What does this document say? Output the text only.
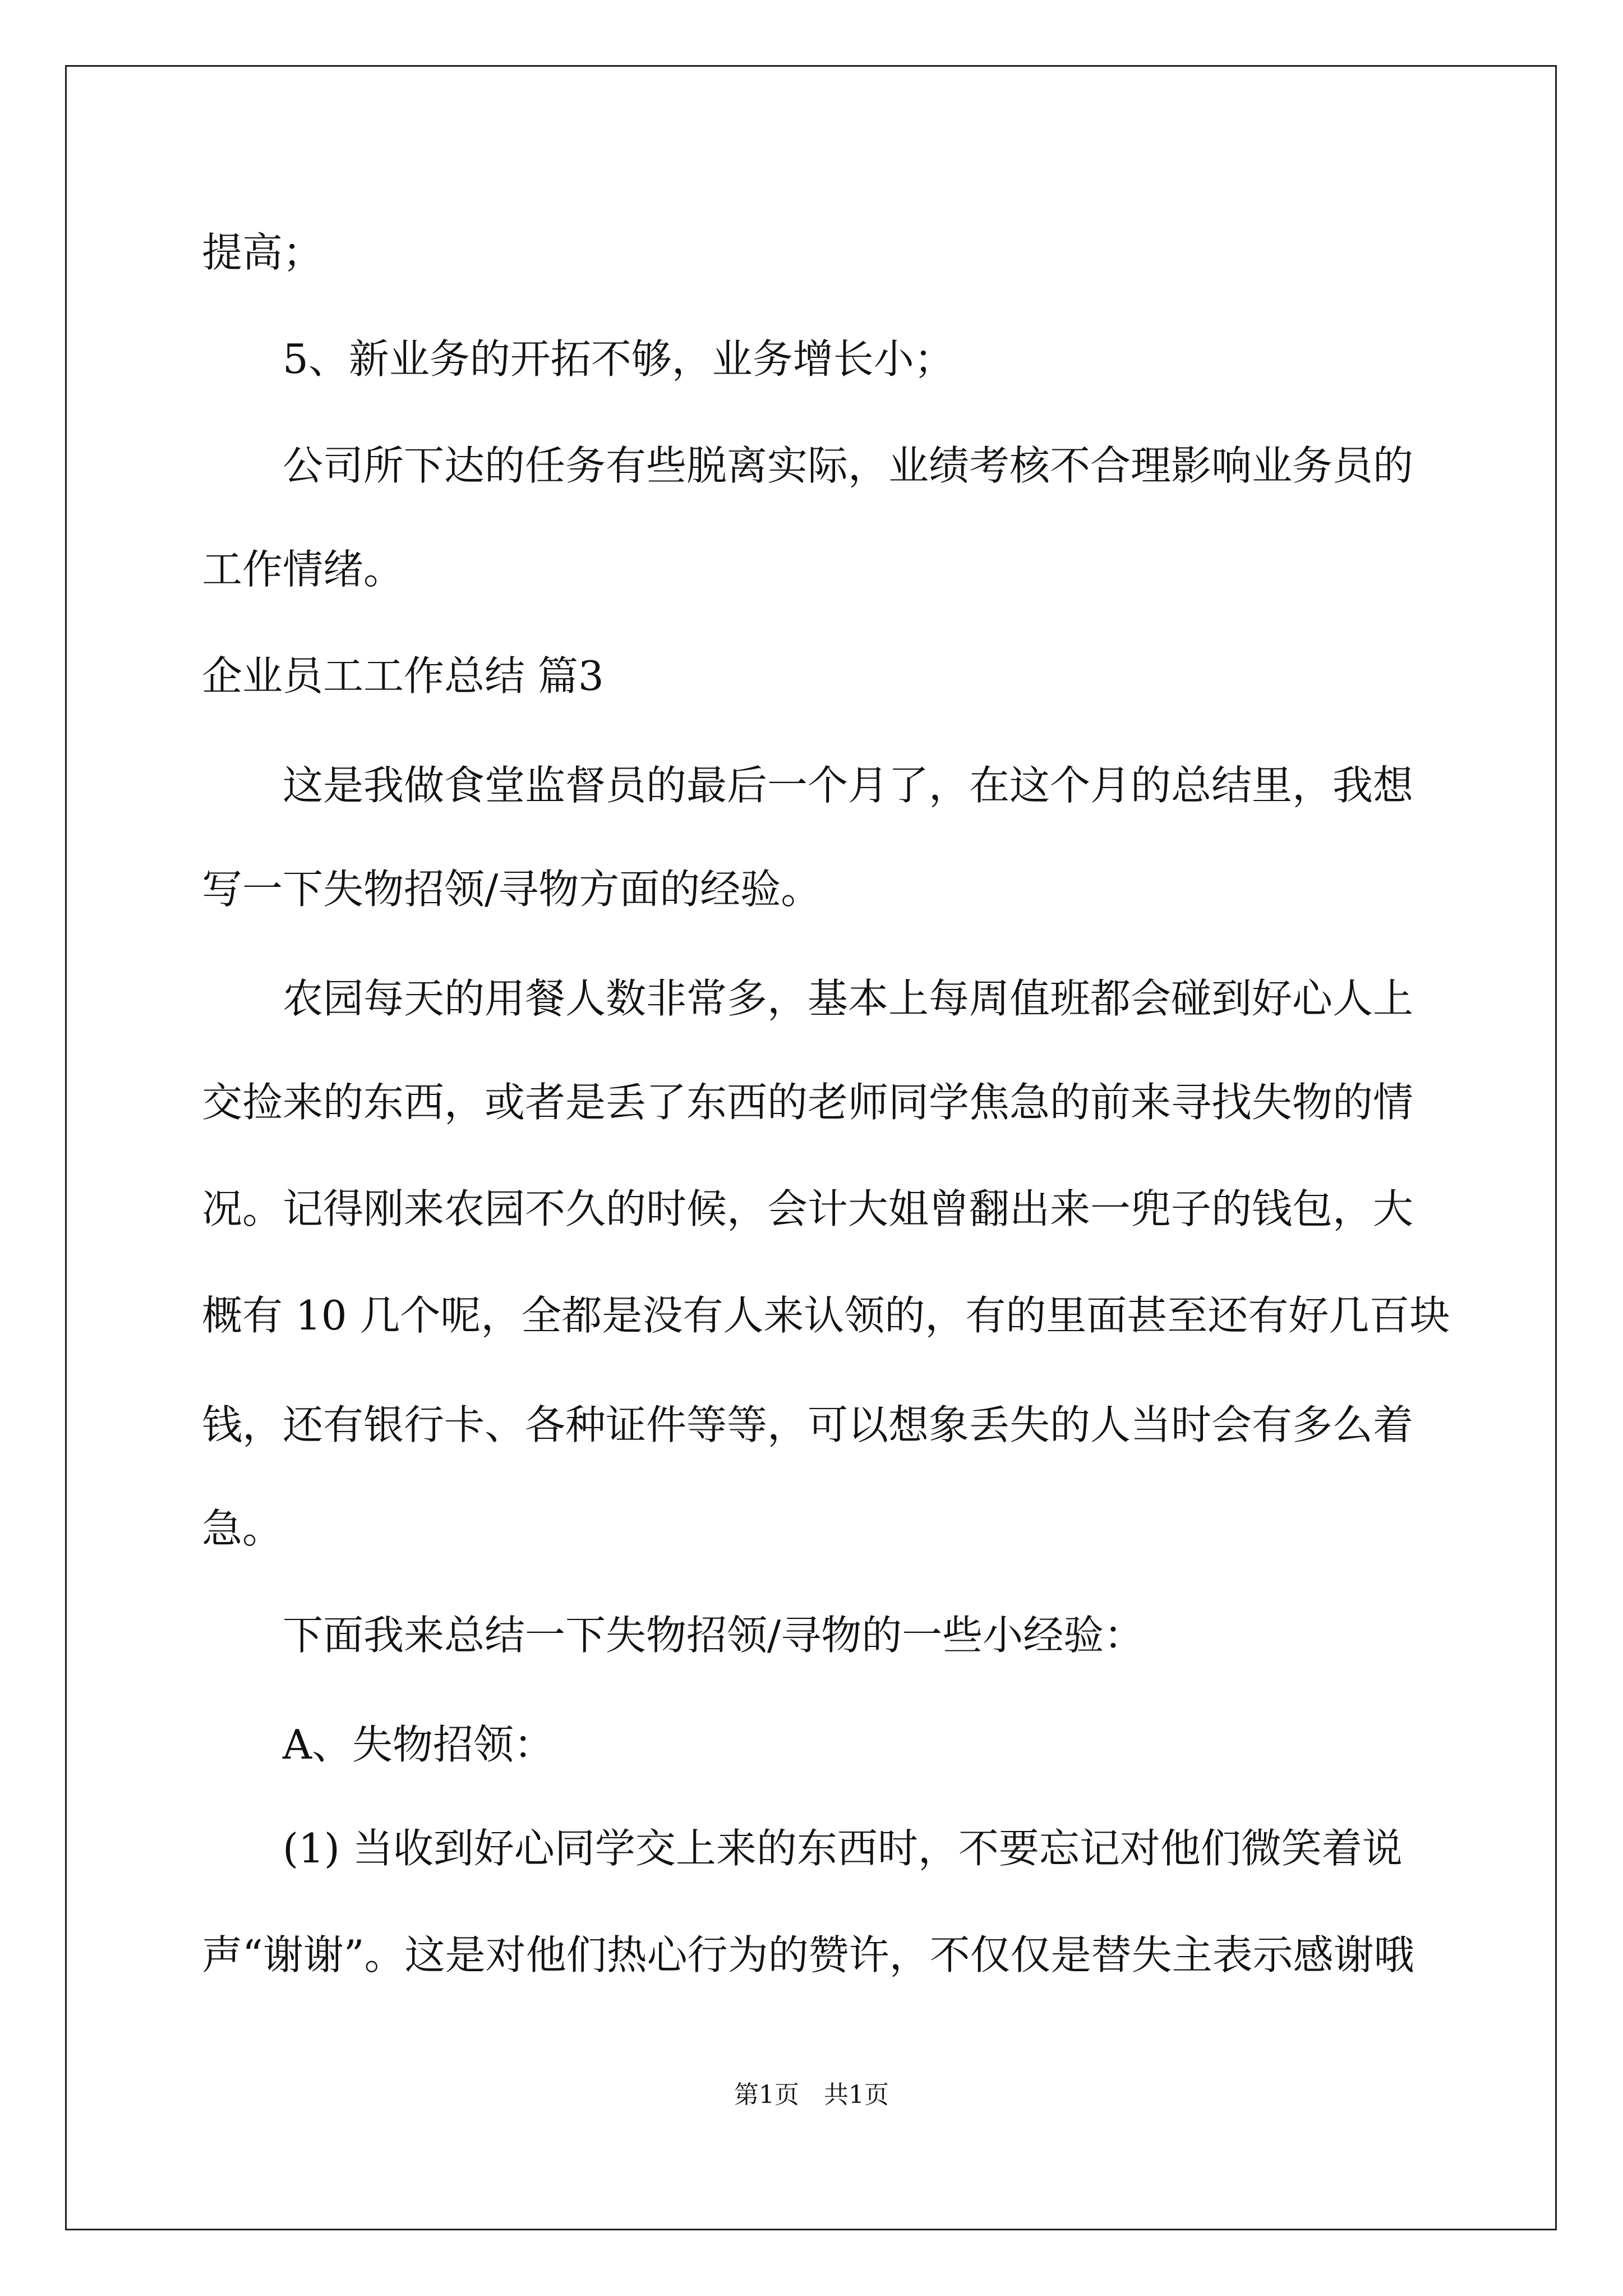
提高；
5、新业务的开拓不够，业务增长小；
公司所下达的任务有些脱离实际，业绩考核不合理影响业务员的
工作情绪。
企业员工工作总结 篇3
这是我做食堂监督员的最后一个月了，在这个月的总结里，我想
写一下失物招领/寻物方面的经验。
农园每天的用餐人数非常多，基本上每周值班都会碰到好心人上
交捡来的东西，或者是丢了东西的老师同学焦急的前来寻找失物的情
况。记得刚来农园不久的时候，会计大姐曾翻出来一兜子的钱包，大
概有 10 几个呢，全都是没有人来认领的，有的里面甚至还有好几百块
钱，还有银行卡、各种证件等等，可以想象丢失的人当时会有多么着
急。
下面我来总结一下失物招领/寻物的一些小经验：
A、失物招领：
(1) 当收到好心同学交上来的东西时，不要忘记对他们微笑着说
声“谢谢”。这是对他们热心行为的赞许，不仅仅是替失主表示感谢哦
第1页　共1页
